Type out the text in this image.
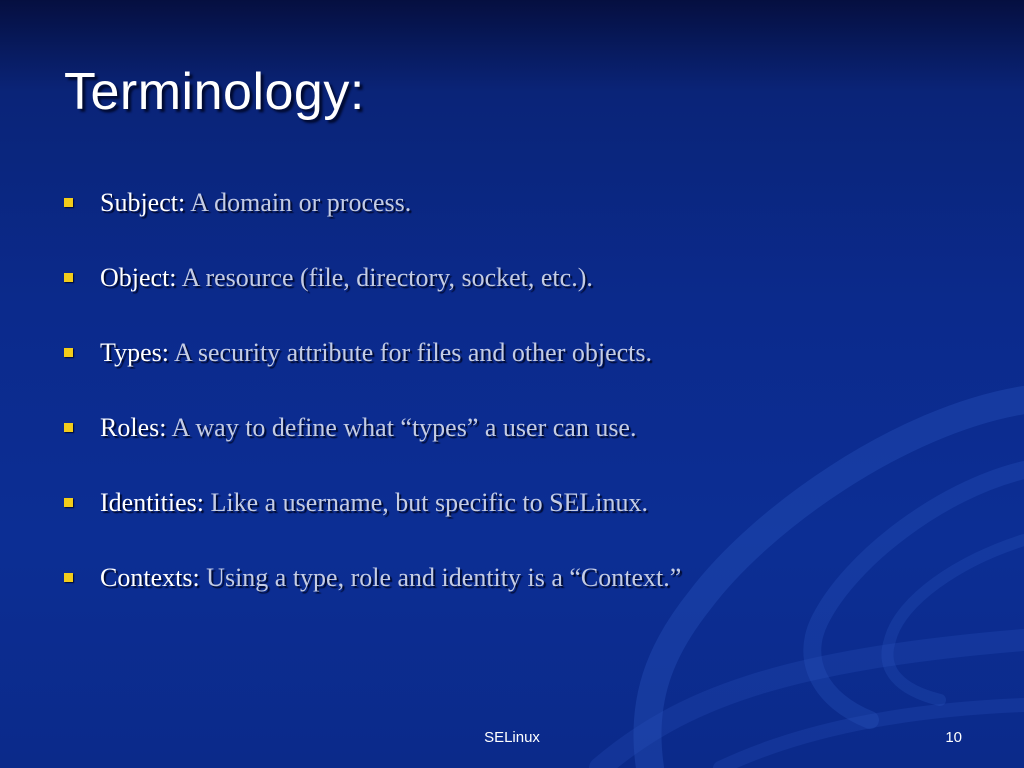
Terminology:
Subject: A domain or process.
Object: A resource (file, directory, socket, etc.).
Types: A security attribute for files and other objects.
Roles: A way to define what “types” a user can use.
Identities: Like a username, but specific to SELinux.
Contexts: Using a type, role and identity is a “Context.”
SELinux	10
